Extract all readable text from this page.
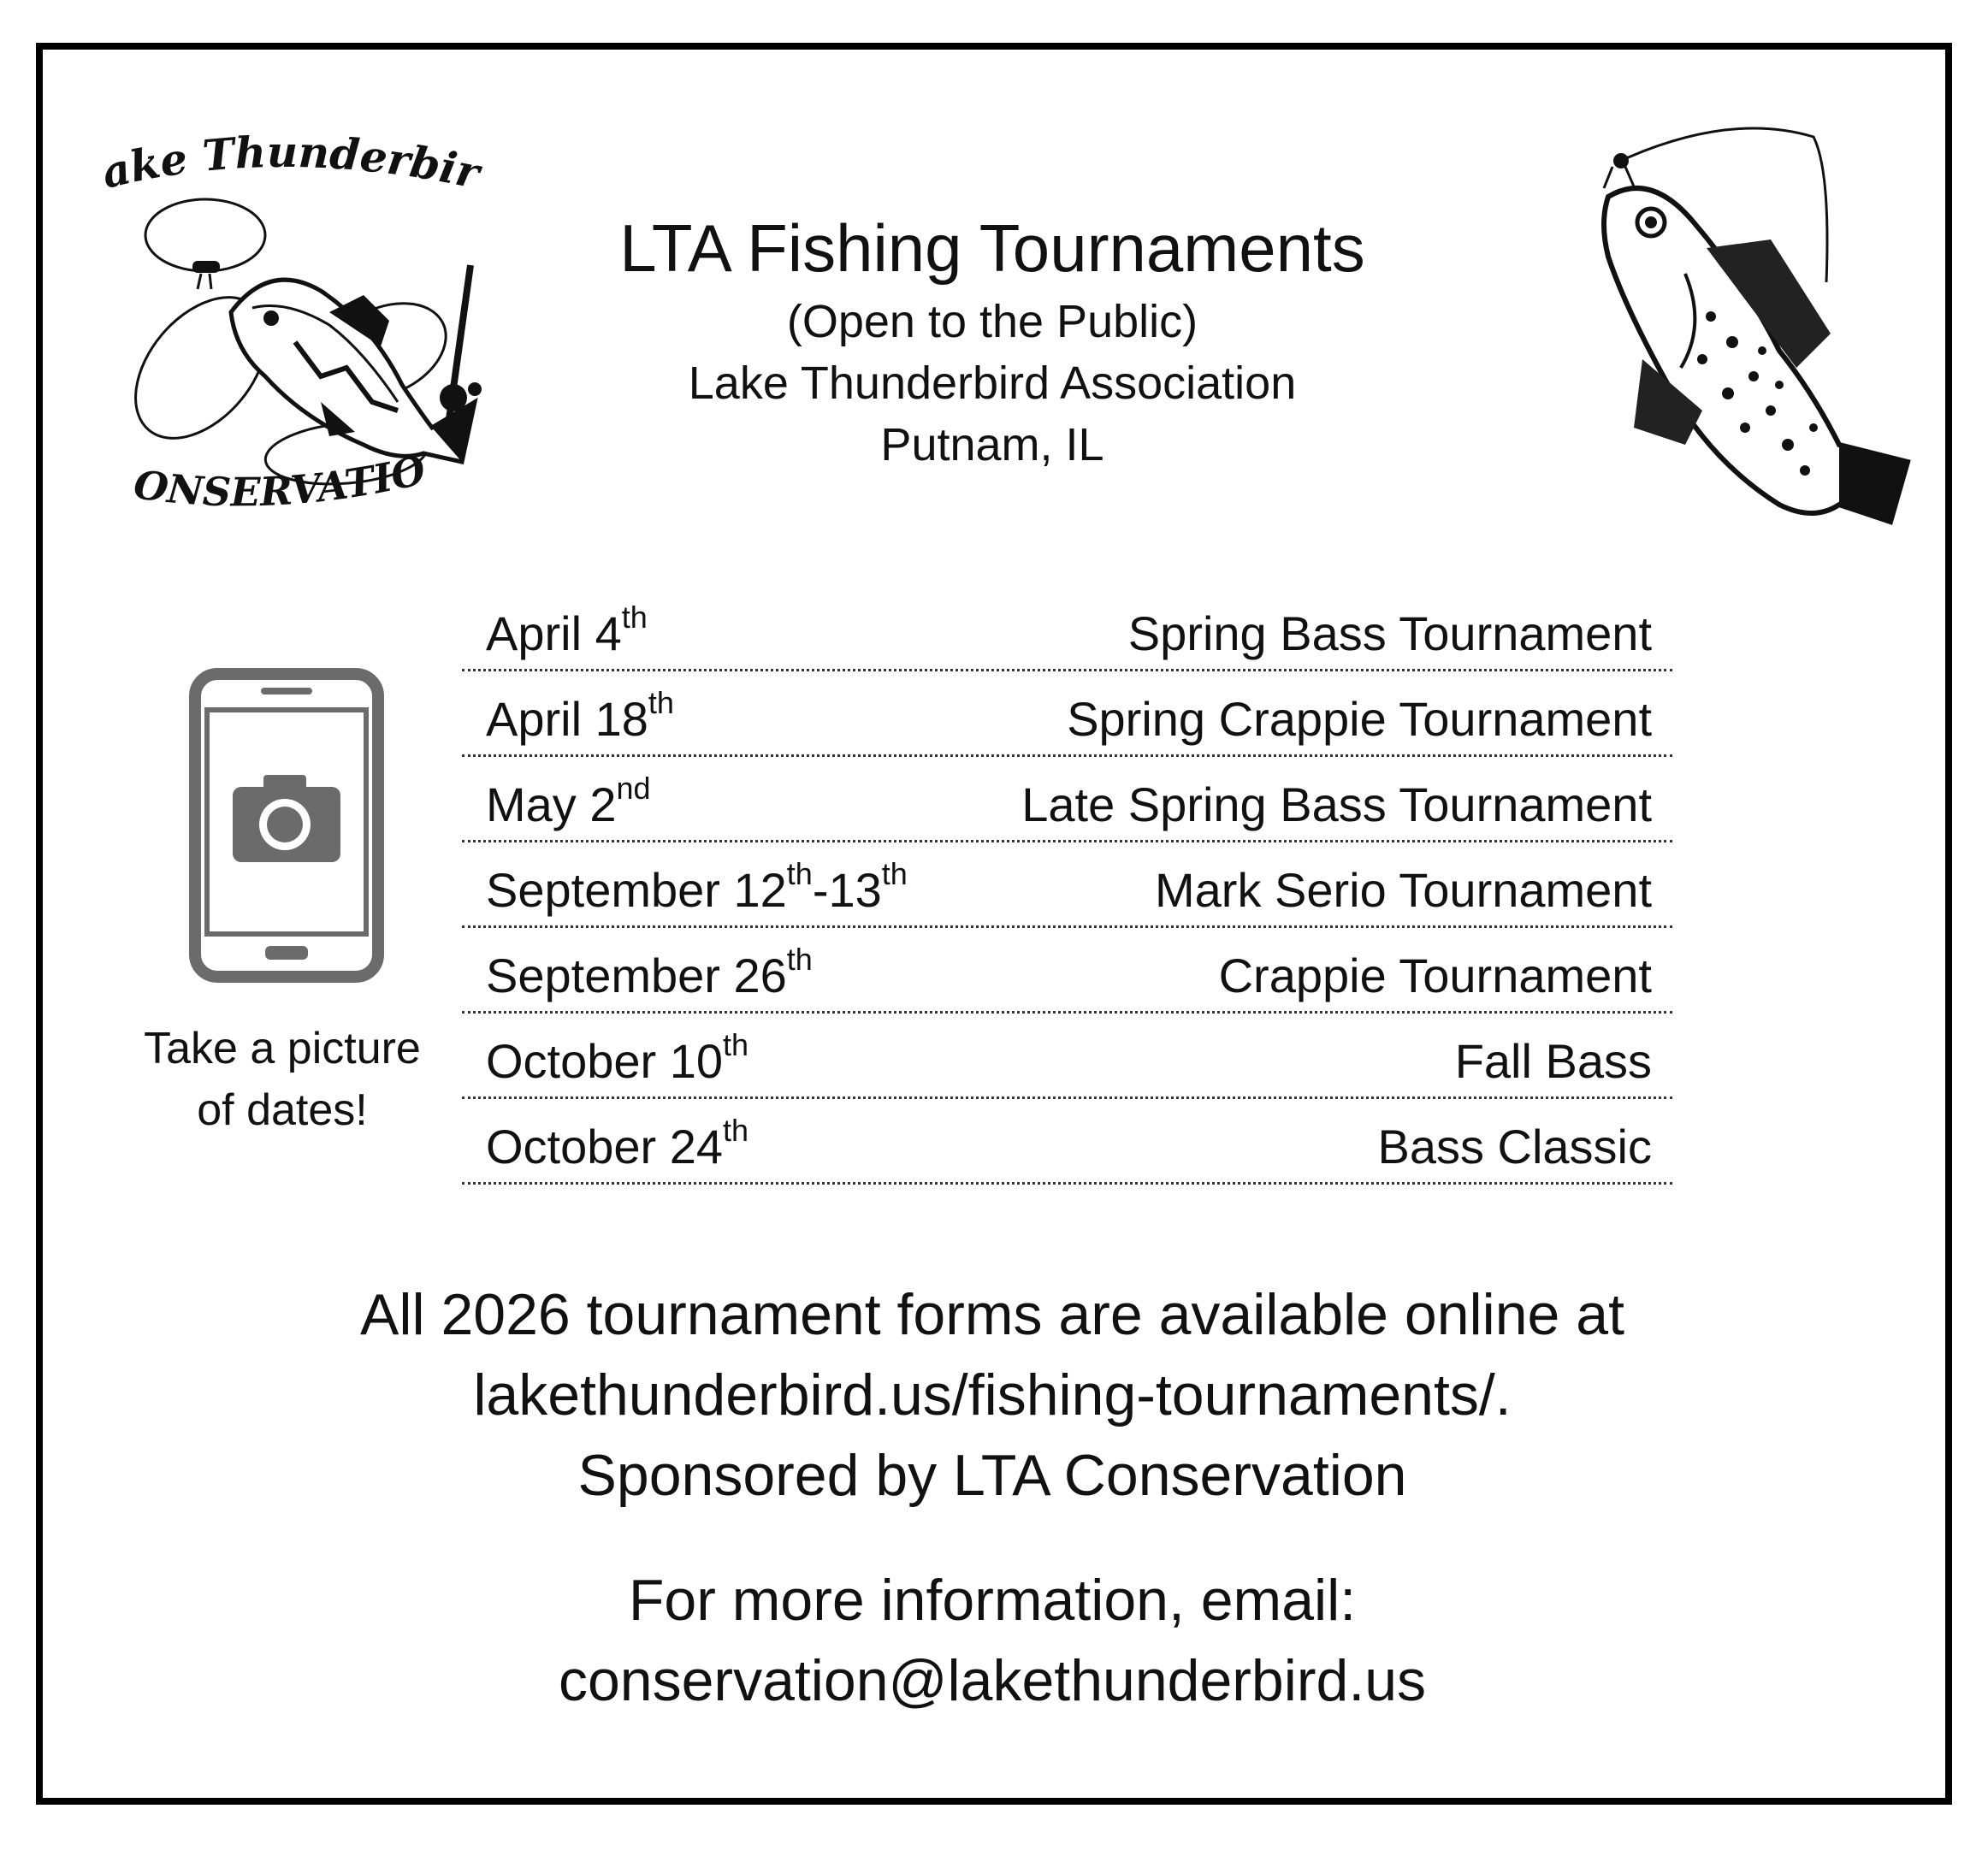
ake Thunderbir
ONSERVATIO

LTA Fishing Tournaments

(Open to the Public)

Lake Thunderbird Association

Putnam, IL

Take a picture
of dates!
April 4th	Spring Bass Tournament
April 18th	Spring Crappie Tournament
May 2nd	Late Spring Bass Tournament
September 12th-13th	Mark Serio Tournament
September 26th	Crappie Tournament
October 10th	Fall Bass
October 24th	Bass Classic

All 2026 tournament forms are available online at

lakethunderbird.us/fishing-tournaments/.

Sponsored by LTA Conservation

For more information, email:

conservation@lakethunderbird.us
